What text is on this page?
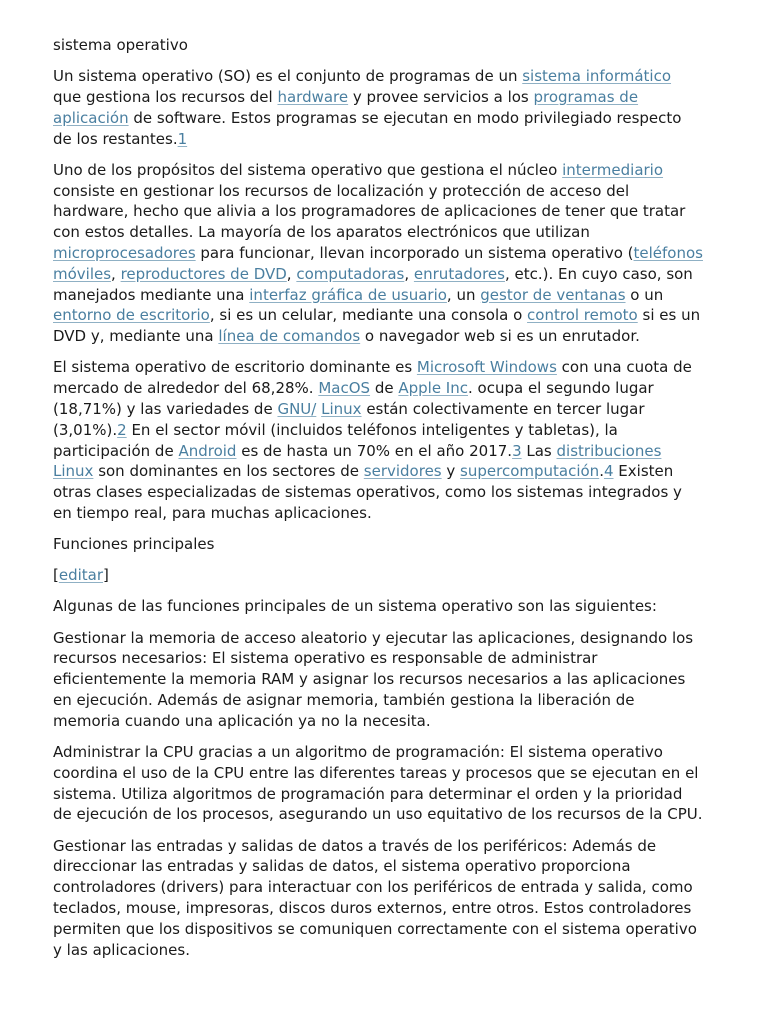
sistema operativo

Un sistema operativo (SO) es el conjunto de programas de un sistema informático que gestiona los recursos del hardware y provee servicios a los programas de aplicación de software. Estos programas se ejecutan en modo privilegiado respecto de los restantes.1

Uno de los propósitos del sistema operativo que gestiona el núcleo intermediario consiste en gestionar los recursos de localización y protección de acceso del hardware, hecho que alivia a los programadores de aplicaciones de tener que tratar con estos detalles. La mayoría de los aparatos electrónicos que utilizan microprocesadores para funcionar, llevan incorporado un sistema operativo (teléfonos móviles, reproductores de DVD, computadoras, enrutadores, etc.). En cuyo caso, son manejados mediante una interfaz gráfica de usuario, un gestor de ventanas o un entorno de escritorio, si es un celular, mediante una consola o control remoto si es un DVD y, mediante una línea de comandos o navegador web si es un enrutador.

El sistema operativo de escritorio dominante es Microsoft Windows con una cuota de mercado de alrededor del 68,28%. MacOS de Apple Inc. ocupa el segundo lugar (18,71%) y las variedades de GNU/ Linux están colectivamente en tercer lugar (3,01%).2 En el sector móvil (incluidos teléfonos inteligentes y tabletas), la participación de Android es de hasta un 70% en el año 2017.3 Las distribuciones Linux son dominantes en los sectores de servidores y supercomputación.4 Existen otras clases especializadas de sistemas operativos, como los sistemas integrados y en tiempo real, para muchas aplicaciones.

Funciones principales

[editar]

Algunas de las funciones principales de un sistema operativo son las siguientes:

Gestionar la memoria de acceso aleatorio y ejecutar las aplicaciones, designando los recursos necesarios: El sistema operativo es responsable de administrar eficientemente la memoria RAM y asignar los recursos necesarios a las aplicaciones en ejecución. Además de asignar memoria, también gestiona la liberación de memoria cuando una aplicación ya no la necesita.

Administrar la CPU gracias a un algoritmo de programación: El sistema operativo coordina el uso de la CPU entre las diferentes tareas y procesos que se ejecutan en el sistema. Utiliza algoritmos de programación para determinar el orden y la prioridad de ejecución de los procesos, asegurando un uso equitativo de los recursos de la CPU.

Gestionar las entradas y salidas de datos a través de los periféricos: Además de direccionar las entradas y salidas de datos, el sistema operativo proporciona controladores (drivers) para interactuar con los periféricos de entrada y salida, como teclados, mouse, impresoras, discos duros externos, entre otros. Estos controladores permiten que los dispositivos se comuniquen correctamente con el sistema operativo y las aplicaciones.
